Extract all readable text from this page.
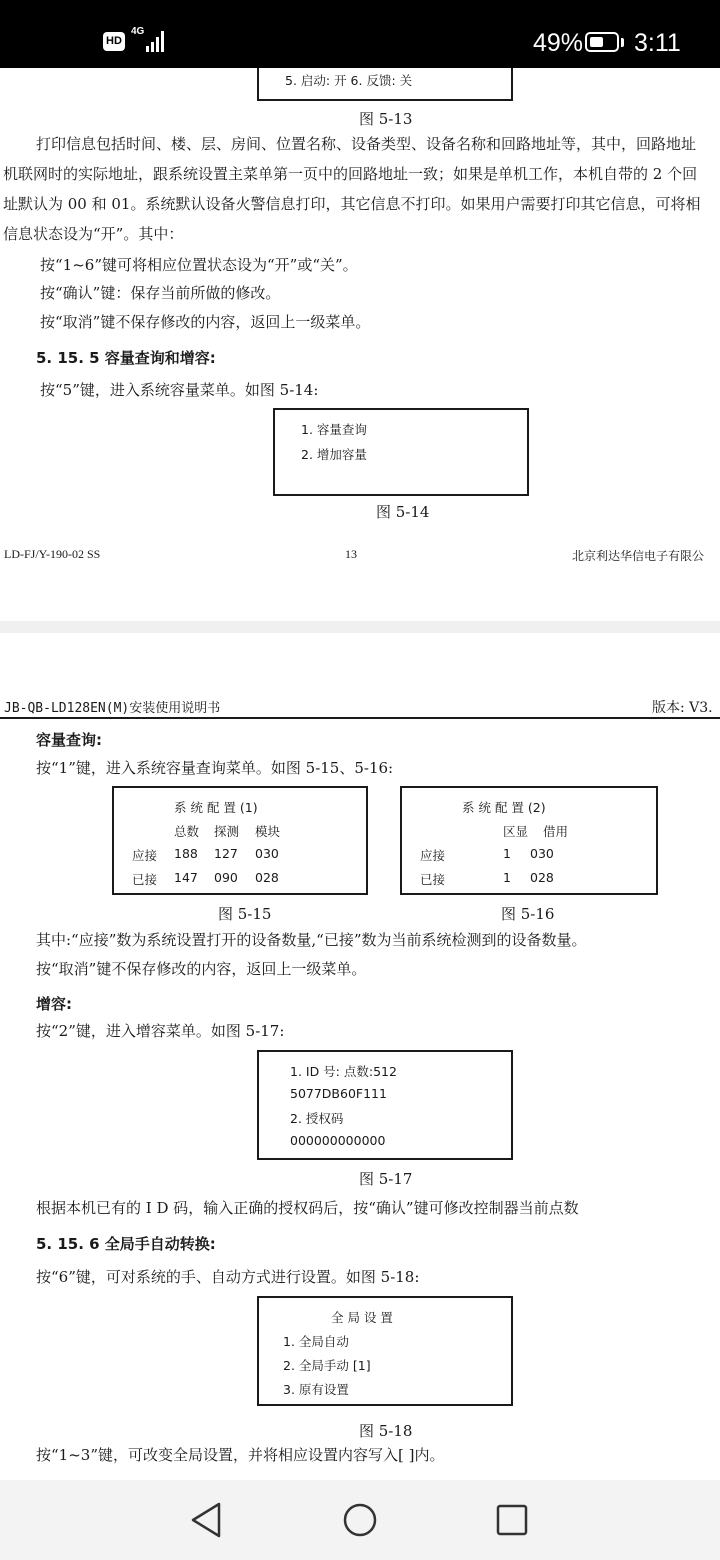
HD
4G	49% 3:11
5. 启动: 开 6. 反馈: 关
图 5-13
打印信息包括时间、楼、层、房间、位置名称、设备类型、设备名称和回路地址等，其中，回路地址
机联网时的实际地址，跟系统设置主菜单第一页中的回路地址一致；如果是单机工作，本机自带的 2 个回
址默认为 00 和 01。系统默认设备火警信息打印，其它信息不打印。如果用户需要打印其它信息，可将相
信息状态设为“开”。其中：
按“1~6”键可将相应位置状态设为“开”或“关”。
按“确认”键：保存当前所做的修改。
按“取消”键不保存修改的内容，返回上一级菜单。
5. 15. 5 容量查询和增容:
按“5”键，进入系统容量菜单。如图 5-14:
1. 容量查询
2. 增加容量
图 5-14
LD-FJ/Y-190-02 SS	13	北京利达华信电子有限公
JB-QB-LD128EN(M)安装使用说明书	版本: V3.
容量查询:
按“1”键，进入系统容量查询菜单。如图 5-15、5-16:
系 统 配 置 (1)
总数 探测 模块
应接 188 127 030
已接 147 090 028
图 5-15
系 统 配 置 (2)
区显 借用
应接	1 030
已接	1 028
图 5-16
其中:“应接”数为系统设置打开的设备数量,“已接”数为当前系统检测到的设备数量。
按“取消”键不保存修改的内容，返回上一级菜单。
增容:
按“2”键，进入增容菜单。如图 5-17:
1. ID 号: 点数:512
5077DB60F111
2. 授权码
000000000000
图 5-17
根据本机已有的 I D 码，输入正确的授权码后，按“确认”键可修改控制器当前点数
5. 15. 6 全局手自动转换:
按“6”键，可对系统的手、自动方式进行设置。如图 5-18:
全 局 设 置
1. 全局自动
2. 全局手动 [1]
3. 原有设置
图 5-18
按“1~3”键，可改变全局设置，并将相应设置内容写入[ ]内。
